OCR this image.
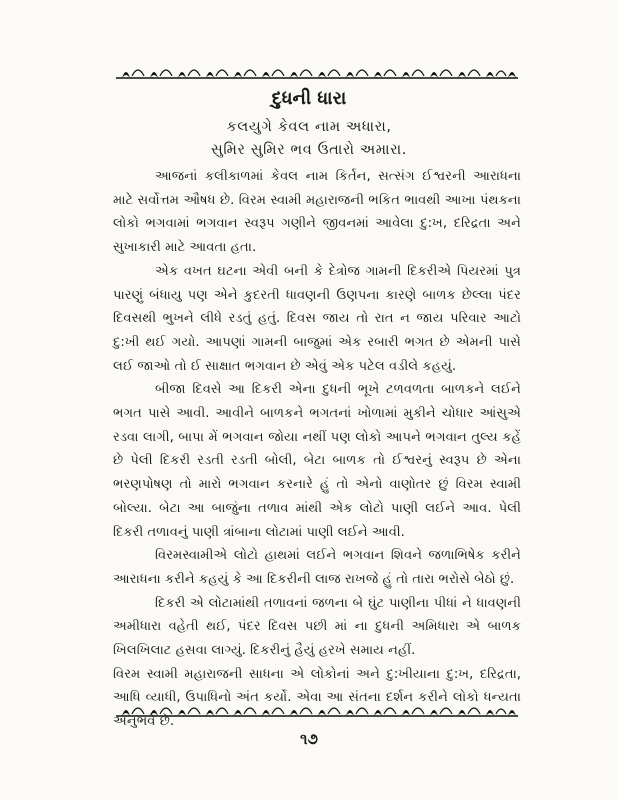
દુધની ધારા
કલયુગે કેવલ નામ અધારા,
સુમિર સુમિર ભવ ઉતારો અમારા.

આજનાં કલીકાળમાં કેવલ નામ કિર્તન, સત્સંગ ઈશ્વરની આરાધના માટે સર્વોત્તમ ઔષધ છે. વિરમ સ્વામી મહારાજની ભકિત ભાવથી આખા પંથકના લોકો ભગવામાં ભગવાન સ્વરૂપ ગણીને જીવનમાં આવેલા દુ:ખ, દરિદ્રતા અને સુખાકારી માટે આવતા હતા.

એક વખત ઘટના એવી બની કે દેત્રોજ ગામની દિકરીએ પિયરમાં પુત્ર પારણું બંધાયુ પણ એને કુદરતી ધાવણની ઉણપના કારણે બાળક છેલ્લા પંદર દિવસથી ભુખને લીધે રડતું હતું. દિવસ જાય તો રાત ન જાય પરિવાર આટો દુ:ખી થઈ ગયો. આપણાં ગામની બાજુમાં એક રબારી ભગત છે એમની પાસે લઈ જાઓ તો ઈ સાક્ષાત ભગવાન છે એવું એક પટેલ વડીલે કહયું.

બીજા દિવસે આ દિકરી એના દુધની ભૂખે ટળવળતા બાળકને લઈને ભગત પાસે આવી. આવીને બાળકને ભગતનાં ખોળામાં મુકીને ચોધાર આંસુએ રડવા લાગી, બાપા મેં ભગવાન જોયા નથીં પણ લોકો આપને ભગવાન તુલ્ય કહેં છે પેલી દિકરી રડતી રડતી બોલી, બેટા બાળક તો ઈશ્વરનું સ્વરૂપ છે એના ભરણપોષણ તો મારો ભગવાન કરનારે હું તો એનો વાણોતર છું વિરમ સ્વામી બોલ્યા. બેટા આ બાજુંના તળાવ માંથી એક લોટો પાણી લઈને આવ. પેલી દિકરી તળાવનું પાણી ત્રાંબાના લોટામાં પાણી લઈને આવી.

વિરમસ્વામીએ લોટો હાથમાં લઈને ભગવાન શિવને જળાભિષેક કરીને આરાધના કરીને કહયું કે આ દિકરીની લાજ રાખજે હું તો તારા ભરોસે બેઠો છું.

દિકરી એ લોટામાંથી તળાવનાં જળના બે ઘુંટ પાણીના પીધાં ને ધાવણની અમીધારા વહેતી થઈ, પંદર દિવસ પછી માં ના દુધની અમિધારા એ બાળક ખિલખિલાટ હસવા લાગ્યું. દિકરીનું હૈયું હરખે સમાય નહીં.

વિરમ સ્વામી મહારાજની સાધના એ લોકોનાં અને દુ:ખીયાના દુ:ખ, દરિદ્રતા, આધિ વ્યાધી, ઉપાધિનો અંત કર્યો. એવા આ સંતના દર્શન કરીને લોકો ધન્યતા અનુભવે છે.

૧૭
